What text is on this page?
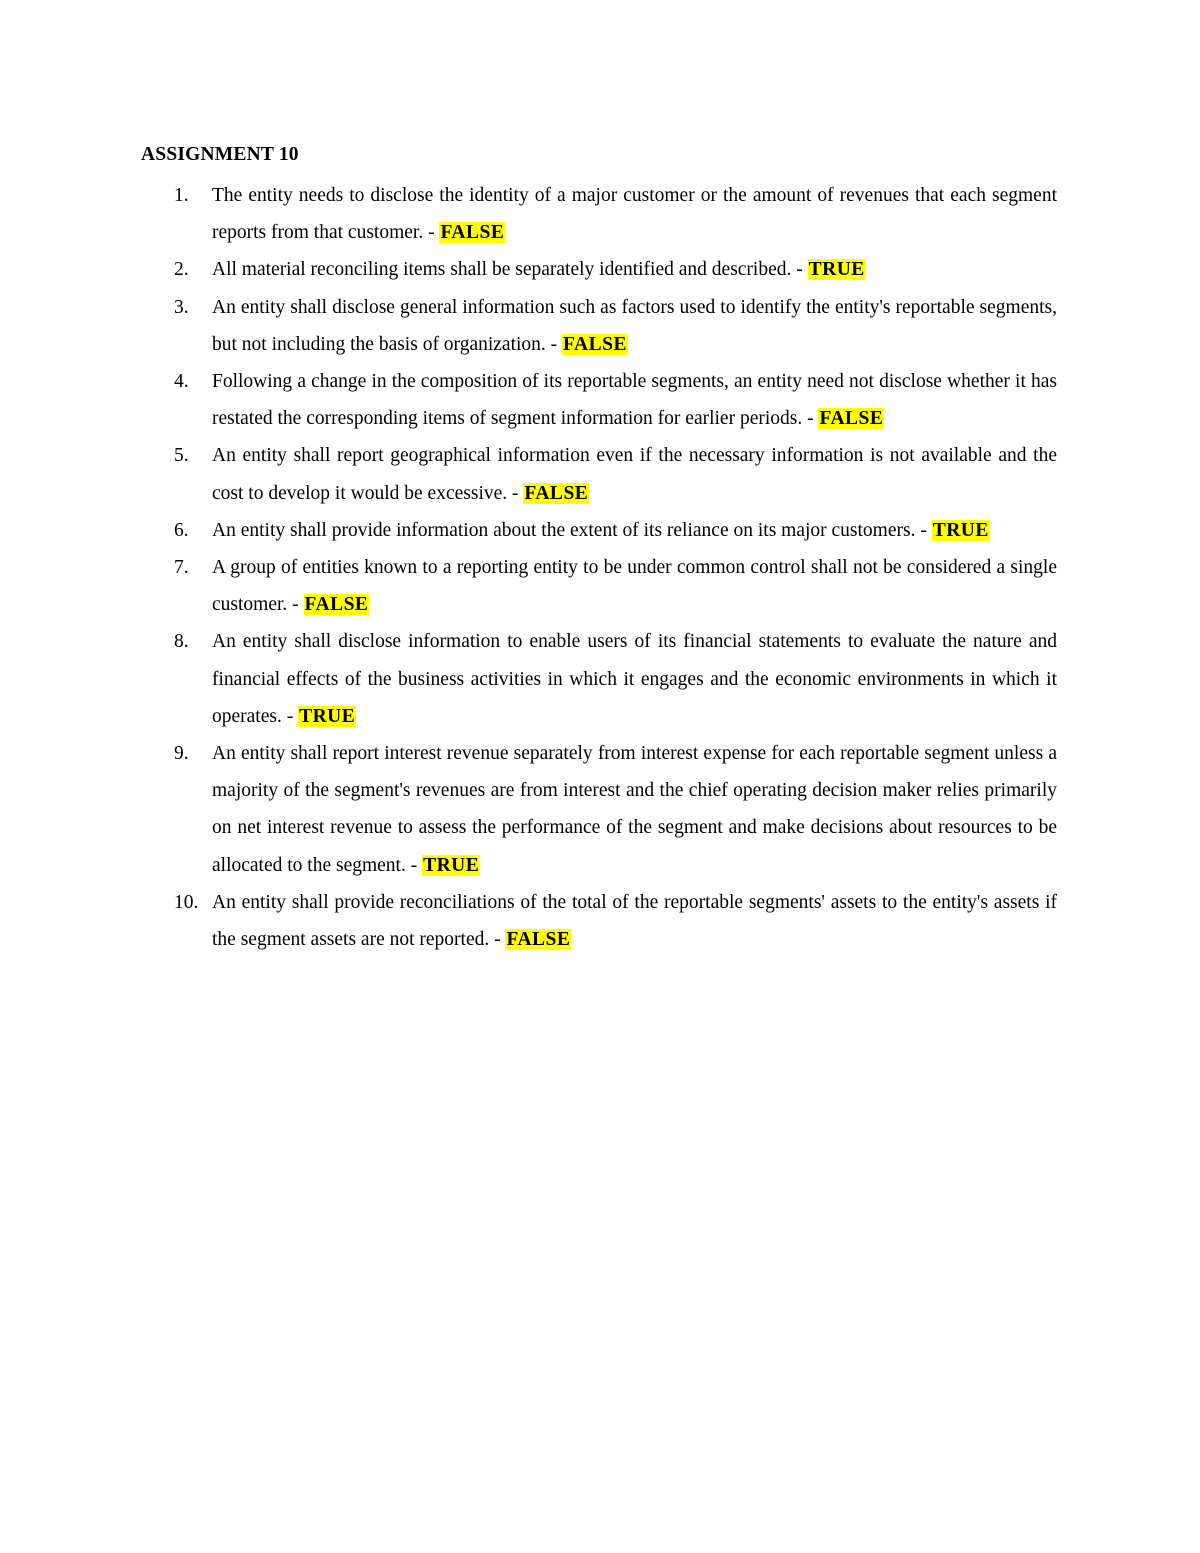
ASSIGNMENT 10
1.	The entity needs to disclose the identity of a major customer or the amount of revenues that each segment reports from that customer. - FALSE
2.	All material reconciling items shall be separately identified and described. - TRUE
3.	An entity shall disclose general information such as factors used to identify the entity's reportable segments, but not including the basis of organization. - FALSE
4.	Following a change in the composition of its reportable segments, an entity need not disclose whether it has restated the corresponding items of segment information for earlier periods. - FALSE
5.	An entity shall report geographical information even if the necessary information is not available and the cost to develop it would be excessive. - FALSE
6.	An entity shall provide information about the extent of its reliance on its major customers. - TRUE
7.	A group of entities known to a reporting entity to be under common control shall not be considered a single customer. - FALSE
8.	An entity shall disclose information to enable users of its financial statements to evaluate the nature and financial effects of the business activities in which it engages and the economic environments in which it operates. - TRUE
9.	An entity shall report interest revenue separately from interest expense for each reportable segment unless a majority of the segment's revenues are from interest and the chief operating decision maker relies primarily on net interest revenue to assess the performance of the segment and make decisions about resources to be allocated to the segment. - TRUE
10. An entity shall provide reconciliations of the total of the reportable segments' assets to the entity's assets if the segment assets are not reported. - FALSE
